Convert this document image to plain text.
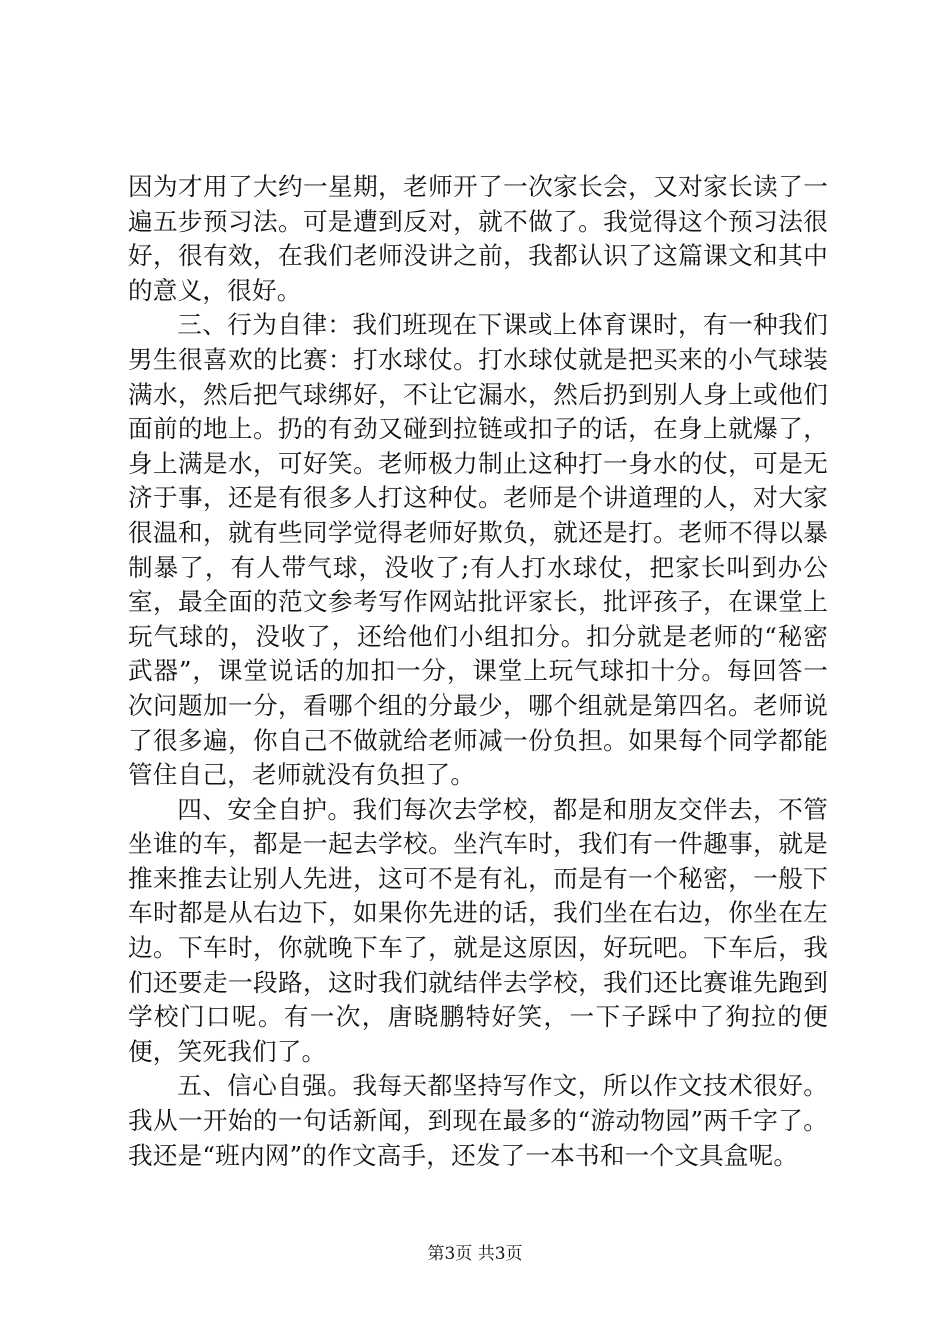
因为才用了大约一星期，老师开了一次家长会，又对家长读了一遍五步预习法。可是遭到反对，就不做了。我觉得这个预习法很好，很有效，在我们老师没讲之前，我都认识了这篇课文和其中的意义，很好。

三、行为自律：我们班现在下课或上体育课时，有一种我们男生很喜欢的比赛：打水球仗。打水球仗就是把买来的小气球装满水，然后把气球绑好，不让它漏水，然后扔到别人身上或他们面前的地上。扔的有劲又碰到拉链或扣子的话，在身上就爆了，身上满是水，可好笑。老师极力制止这种打一身水的仗，可是无济于事，还是有很多人打这种仗。老师是个讲道理的人，对大家很温和，就有些同学觉得老师好欺负，就还是打。老师不得以暴制暴了，有人带气球，没收了;有人打水球仗，把家长叫到办公室，最全面的范文参考写作网站批评家长，批评孩子，在课堂上玩气球的，没收了，还给他们小组扣分。扣分就是老师的“秘密武器”，课堂说话的加扣一分，课堂上玩气球扣十分。每回答一次问题加一分，看哪个组的分最少，哪个组就是第四名。老师说了很多遍，你自己不做就给老师减一份负担。如果每个同学都能管住自己，老师就没有负担了。

四、安全自护。我们每次去学校，都是和朋友交伴去，不管坐谁的车，都是一起去学校。坐汽车时，我们有一件趣事，就是推来推去让别人先进，这可不是有礼，而是有一个秘密，一般下车时都是从右边下，如果你先进的话，我们坐在右边，你坐在左边。下车时，你就晚下车了，就是这原因，好玩吧。下车后，我们还要走一段路，这时我们就结伴去学校，我们还比赛谁先跑到学校门口呢。有一次，唐晓鹏特好笑，一下子踩中了狗拉的便便，笑死我们了。

五、信心自强。我每天都坚持写作文，所以作文技术很好。我从一开始的一句话新闻，到现在最多的“游动物园”两千字了。我还是“班内网”的作文高手，还发了一本书和一个文具盒呢。

第3页 共3页
